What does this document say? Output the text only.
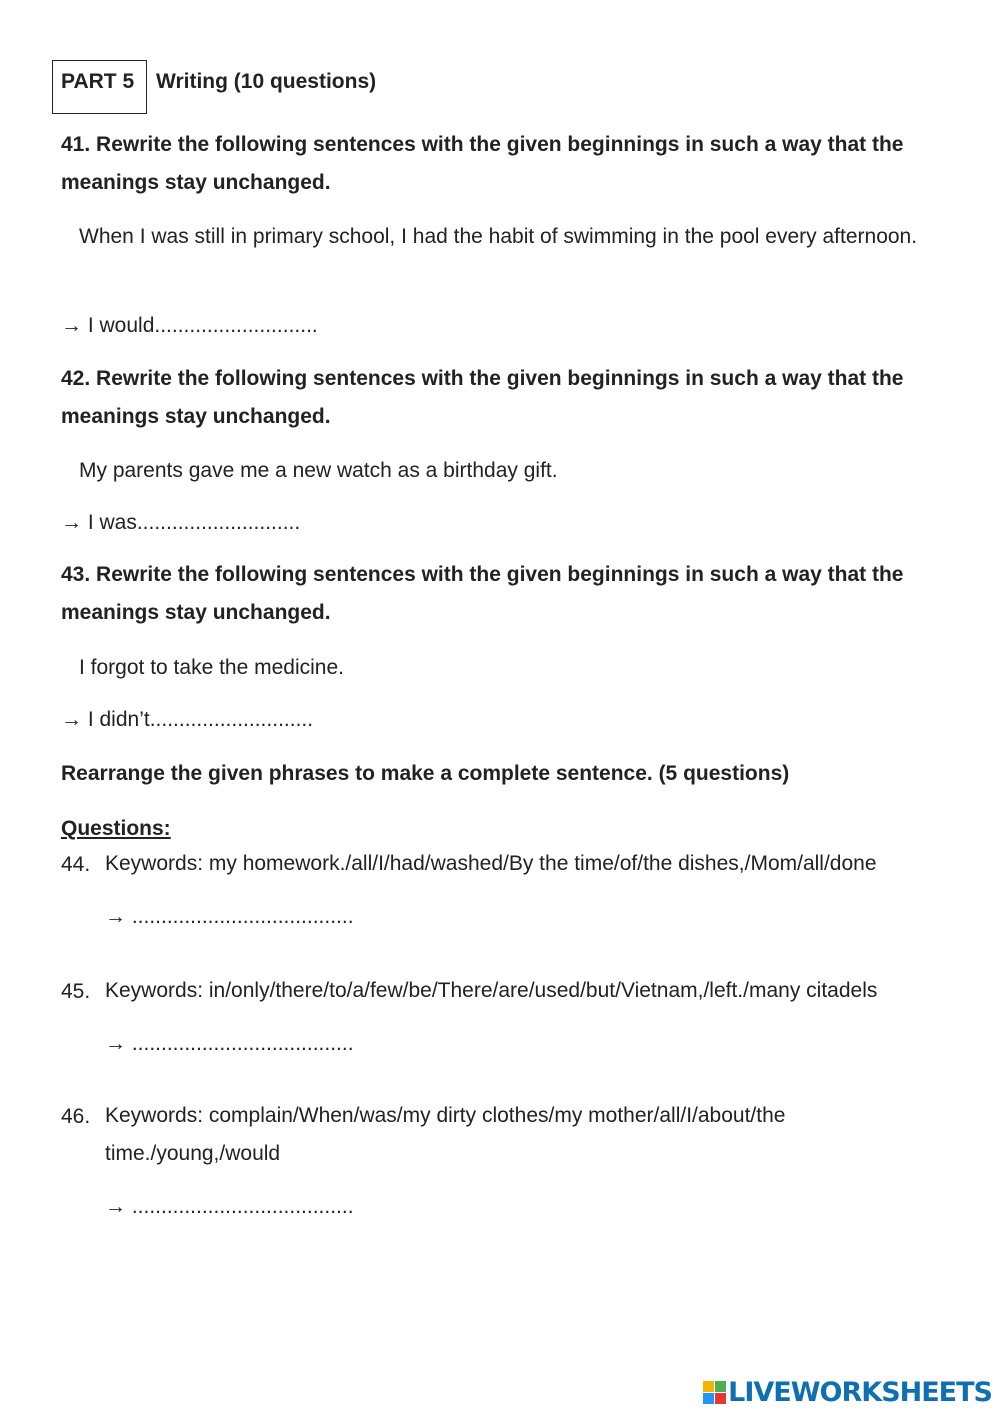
PART 5 Writing (10 questions)
41. Rewrite the following sentences with the given beginnings in such a way that the meanings stay unchanged.
When I was still in primary school, I had the habit of swimming in the pool every afternoon.
→ I would............................
42. Rewrite the following sentences with the given beginnings in such a way that the meanings stay unchanged.
My parents gave me a new watch as a birthday gift.
→ I was............................
43. Rewrite the following sentences with the given beginnings in such a way that the meanings stay unchanged.
I forgot to take the medicine.
→ I didn’t............................
Rearrange the given phrases to make a complete sentence. (5 questions)
Questions:
44. Keywords: my homework./all/I/had/washed/By the time/of/the dishes,/Mom/all/done
→ ......................................
45. Keywords: in/only/there/to/a/few/be/There/are/used/but/Vietnam,/left./many citadels
→ ......................................
46. Keywords: complain/When/was/my dirty clothes/my mother/all/I/about/the time./young,/would
→ ......................................
LIVEWORKSHEETS
